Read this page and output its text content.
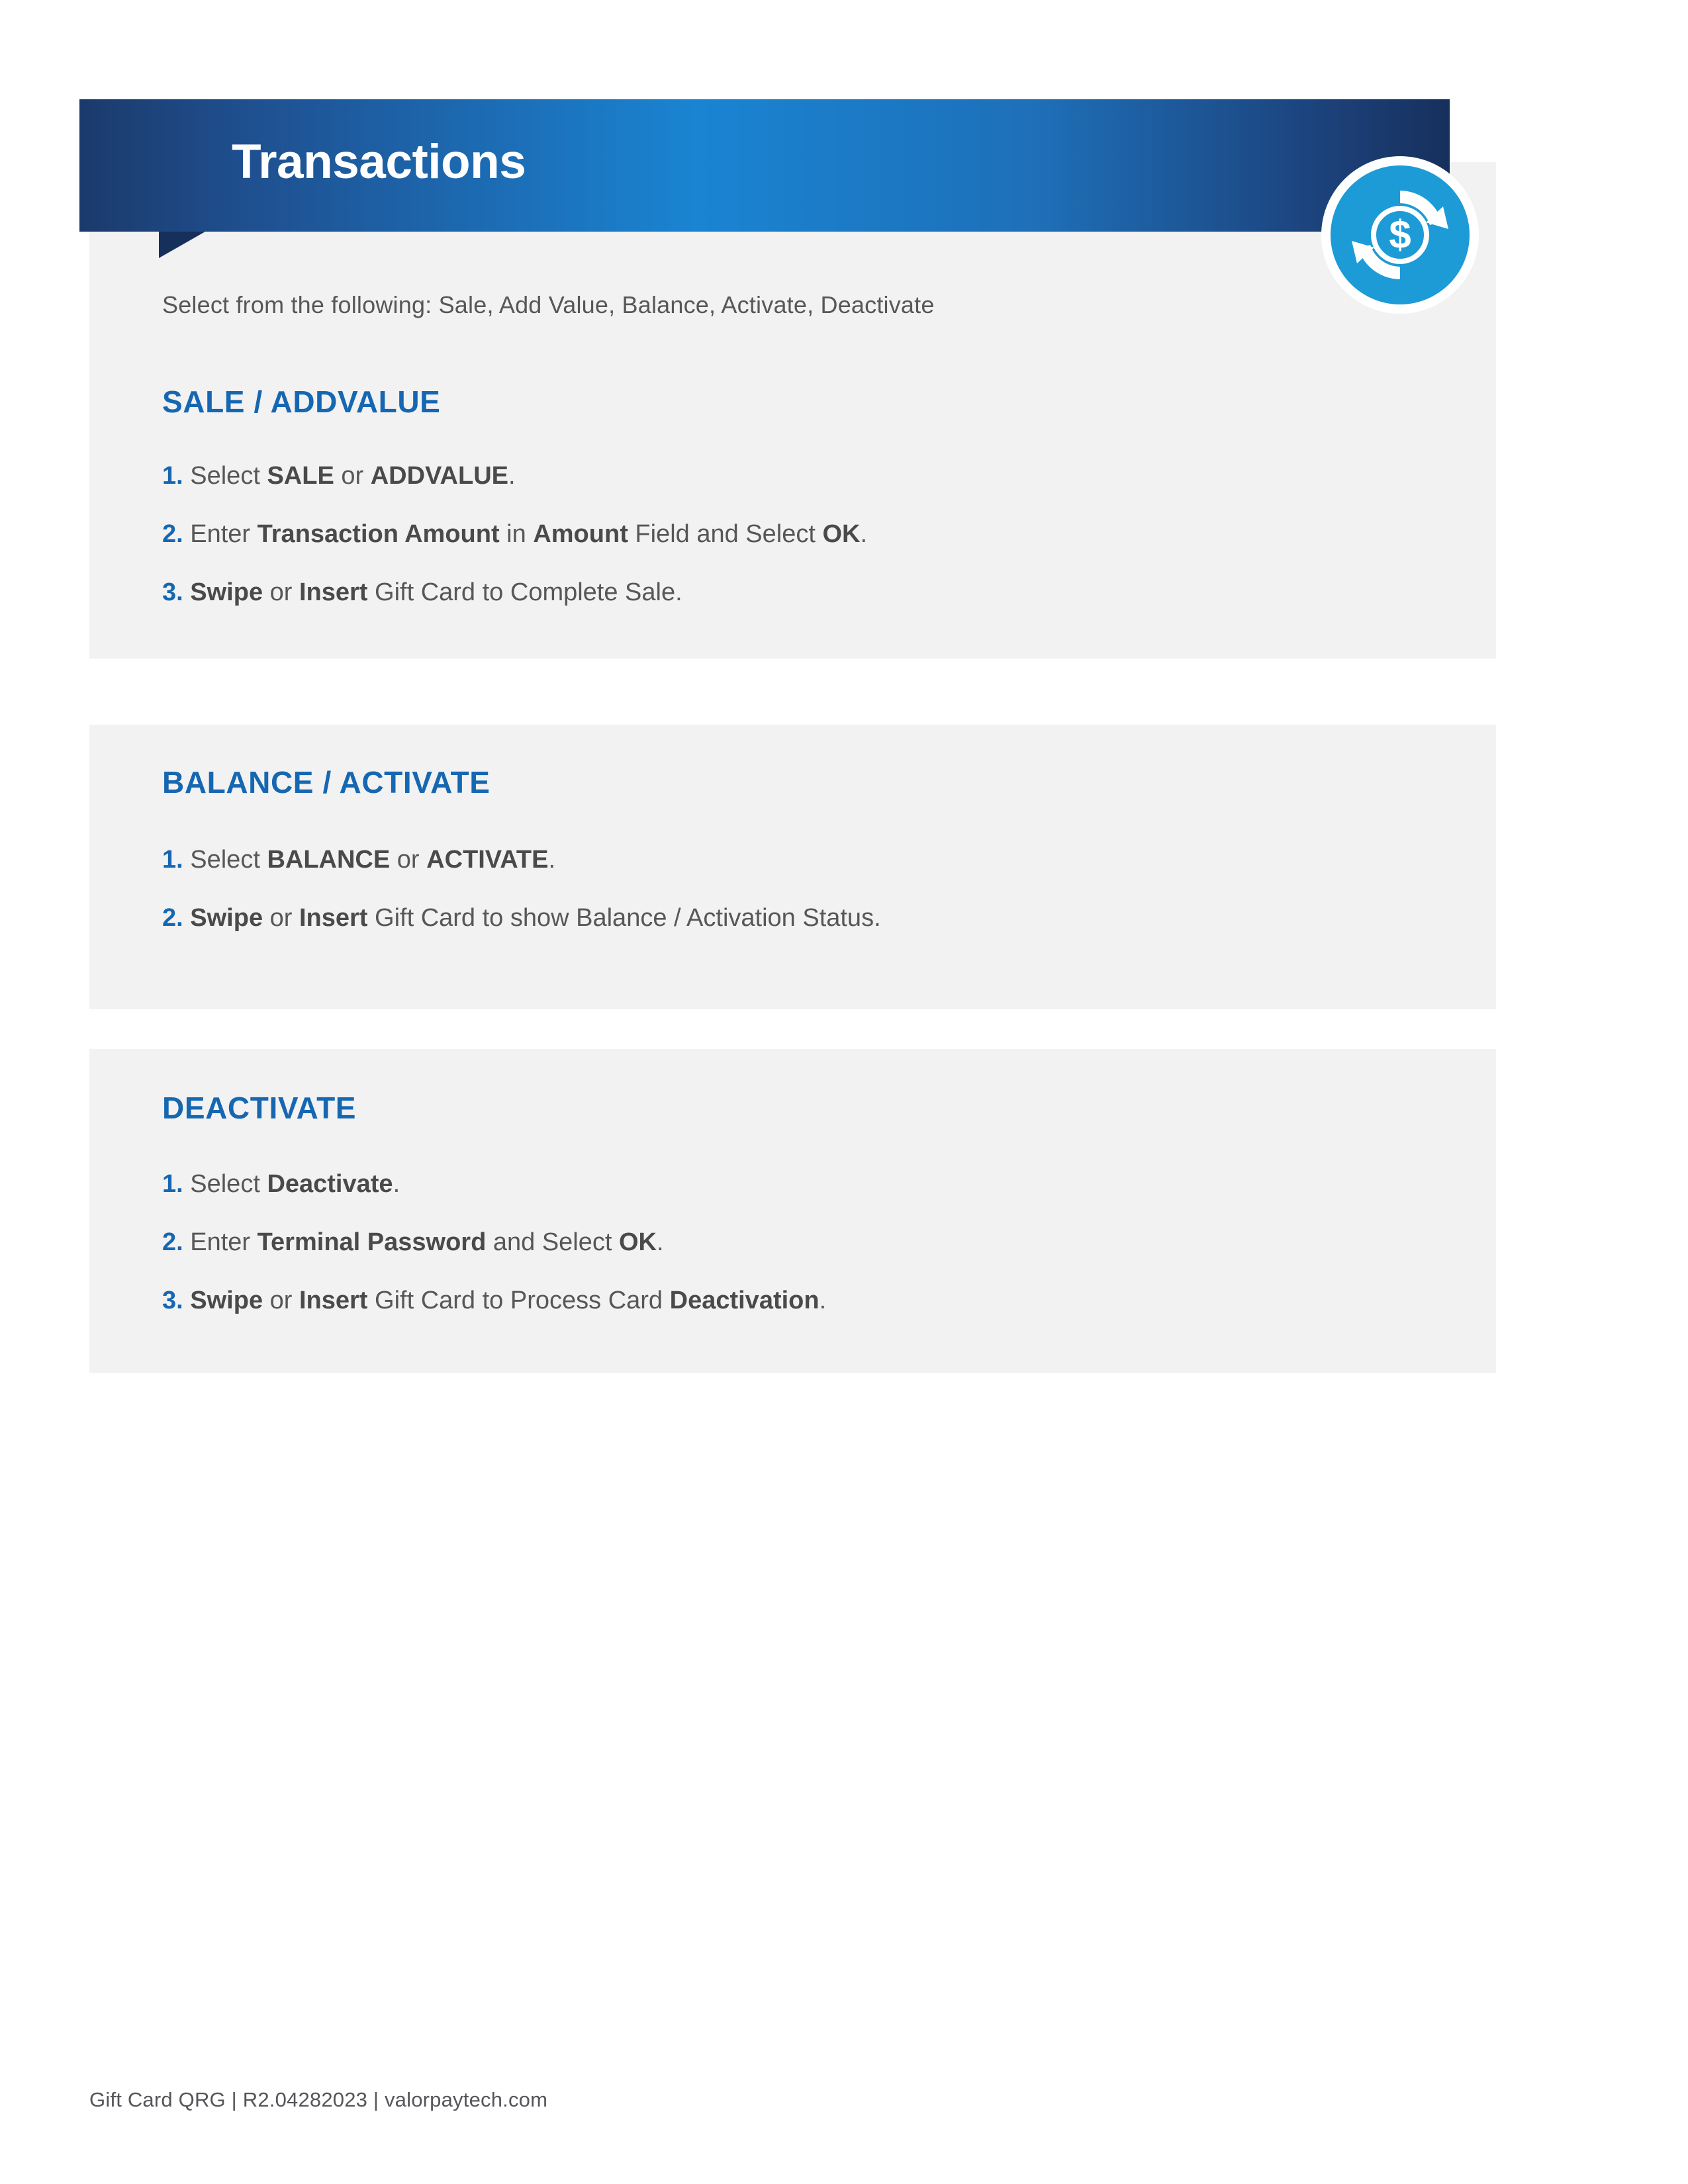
Transactions
$
Select from the following: Sale, Add Value, Balance, Activate, Deactivate
SALE / ADDVALUE
1. Select SALE or ADDVALUE.
2. Enter Transaction Amount in Amount Field and Select OK.
3. Swipe or Insert Gift Card to Complete Sale.
BALANCE / ACTIVATE
1. Select BALANCE or ACTIVATE.
2. Swipe or Insert Gift Card to show Balance / Activation Status.
DEACTIVATE
1. Select Deactivate.
2. Enter Terminal Password and Select OK.
3. Swipe or Insert Gift Card to Process Card Deactivation.
Gift Card QRG | R2.04282023 | valorpaytech.com
